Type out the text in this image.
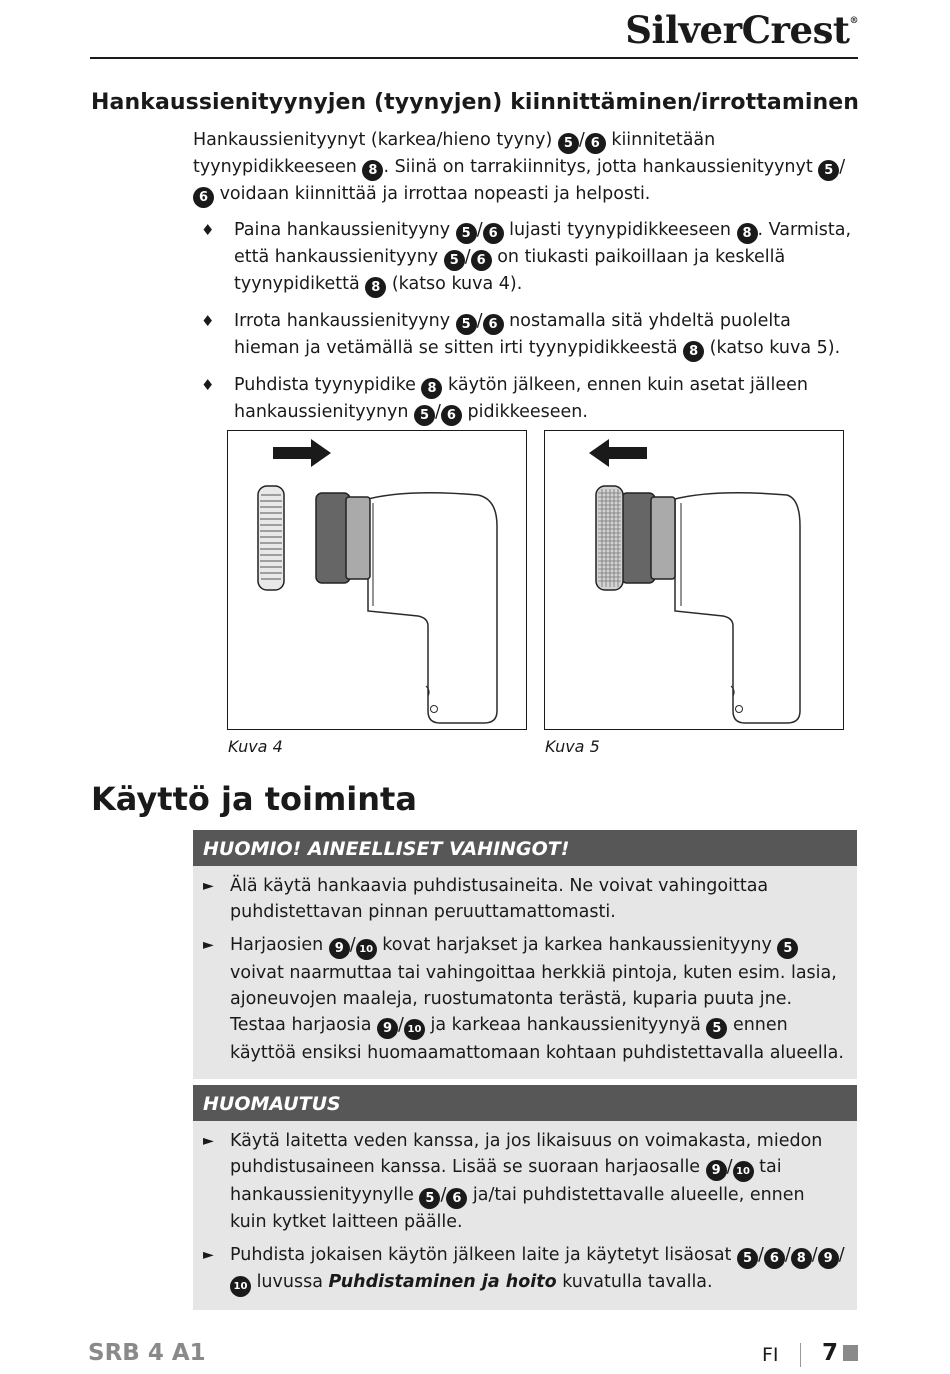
SilverCrest®
Hankaussienityynyjen (tyynyjen) kiinnittäminen/irrottaminen
Hankaussienityynyt (karkea/hieno tyyny) 5 / 6 kiinnitetään tyynypidikkeeseen 8 . Siinä on tarrakiinnitys, jotta hankaussienityynyt 5 /6 voidaan kiinnittää ja irrottaa nopeasti ja helposti.
♦ Paina hankaussienityyny 5 / 6 lujasti tyynypidikkeeseen 8 . Varmista, että hankaussienityyny 5 / 6 on tiukasti paikoillaan ja keskellä tyynypidikettä 8 (katso kuva 4).
♦ Irrota hankaussienityyny 5 / 6 nostamalla sitä yhdeltä puolelta hieman ja vetämällä se sitten irti tyynypidikkeestä 8 (katso kuva 5).
♦ Puhdista tyynypidike 8 käytön jälkeen, ennen kuin asetat jälleen hankaussienityynyn 5 / 6 pidikkeeseen.
Kuva 4	Kuva 5
Käyttö ja toiminta
HUOMIO! AINEELLISET VAHINGOT!
► Älä käytä hankaavia puhdistusaineita. Ne voivat vahingoittaa puhdistettavan pinnan peruuttamattomasti.
► Harjaosien 9 / 10 kovat harjakset ja karkea hankaussienityyny 5 voivat naarmuttaa tai vahingoittaa herkkiä pintoja, kuten esim. lasia, ajoneuvojen maaleja, ruostumatonta terästä, kuparia puuta jne. Testaa harjaosia 9 / 10 ja karkeaa hankaussienityynyä 5 ennen käyttöä ensiksi huomaamattomaan kohtaan puhdistettavalla alueella.
HUOMAUTUS
► Käytä laitetta veden kanssa, ja jos likaisuus on voimakasta, miedon puhdistusaineen kanssa. Lisää se suoraan harjaosalle 9 / 10 tai hankaussienityynylle 5 / 6 ja/tai puhdistettavalle alueelle, ennen kuin kytket laitteen päälle.
► Puhdista jokaisen käytön jälkeen laite ja käytetyt lisäosat 5 / 6 / 8 / 9 /10 luvussa Puhdistaminen ja hoito kuvatulla tavalla.
SRB 4 A1	FI 7
